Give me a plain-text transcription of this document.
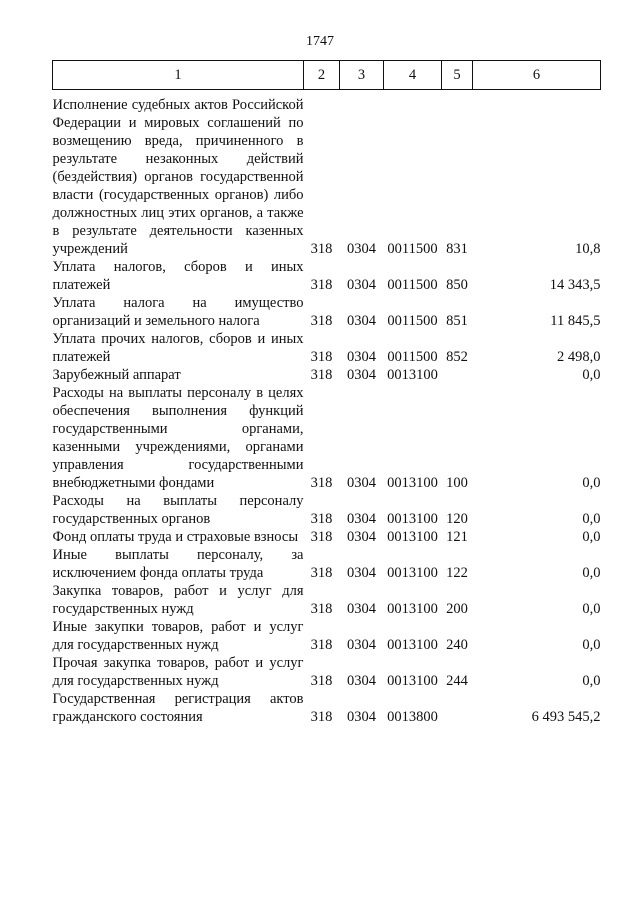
1747
1	2	3	4	5	6
Исполнение судебных актов Российской Федерации и мировых соглашений по возмещению вреда, причиненного в результате незаконных действий (бездействия) органов государственной власти (государственных органов) либо должностных лиц этих органов, а также в результате деятельности казенных учреждений	318	0304	0011500	831	10,8
Уплата налогов, сборов и иных платежей	318	0304	0011500	850	14 343,5
Уплата налога на имущество организаций и земельного налога	318	0304	0011500	851	11 845,5
Уплата прочих налогов, сборов и иных платежей	318	0304	0011500	852	2 498,0
Зарубежный аппарат	318	0304	0013100		0,0
Расходы на выплаты персоналу в целях обеспечения выполнения функций государственными органами, казенными учреждениями, органами управления государственными внебюджетными фондами	318	0304	0013100	100	0,0
Расходы на выплаты персоналу государственных органов	318	0304	0013100	120	0,0
Фонд оплаты труда и страховые взносы	318	0304	0013100	121	0,0
Иные выплаты персоналу, за исключением фонда оплаты труда	318	0304	0013100	122	0,0
Закупка товаров, работ и услуг для государственных нужд	318	0304	0013100	200	0,0
Иные закупки товаров, работ и услуг для государственных нужд	318	0304	0013100	240	0,0
Прочая закупка товаров, работ и услуг для государственных нужд	318	0304	0013100	244	0,0
Государственная регистрация актов гражданского состояния	318	0304	0013800		6 493 545,2
